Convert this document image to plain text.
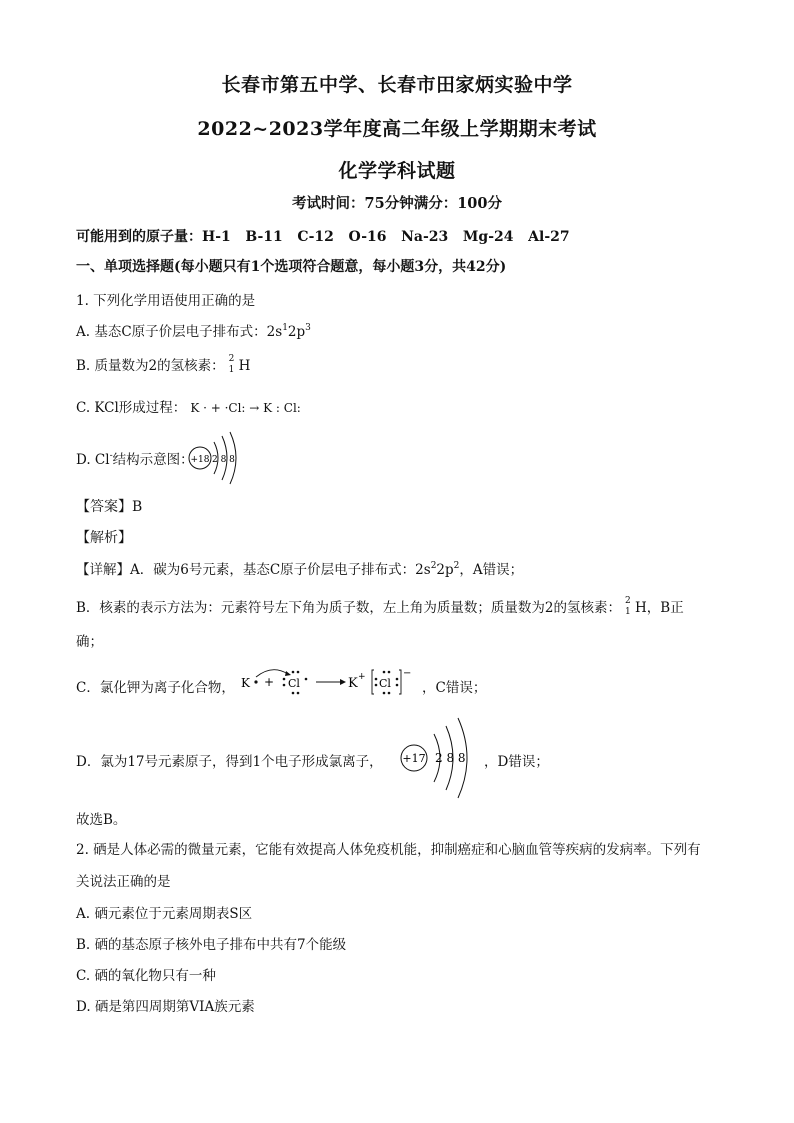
长春市第五中学、长春市田家炳实验中学
2022~2023学年度高二年级上学期期末考试
化学学科试题
考试时间：75分钟满分：100分
可能用到的原子量：H-1 B-11 C-12 O-16 Na-23 Mg-24 Al-27
一、单项选择题(每小题只有1个选项符合题意，每小题3分，共42分)
1. 下列化学用语使用正确的是
A. 基态C原子价层电子排布式：$2s^12p^3$
B. 质量数为2的氢核素： 2
1 H
C. KCl形成过程： K · + ·Cl: → K : Cl:
D. Cl-结构示意图：
+18 2 8 8
【答案】B
【解析】
【详解】A．碳为6号元素，基态C原子价层电子排布式：$2s^22p^2$，A错误；
B．核素的表示方法为：元素符号左下角为质子数，左上角为质量数；质量数为2的氢核素： 2
1 H，B正
确；
C．氯化钾为离子化合物， K + Cl	K + Cl
−
，C错误；
D．氯为17号元素原子，得到1个电子形成氯离子， +17 2 8 8 ，D错误；
故选B。
2. 硒是人体必需的微量元素，它能有效提高人体免疫机能，抑制癌症和心脑血管等疾病的发病率。下列有
关说法正确的是
A. 硒元素位于元素周期表S区
B. 硒的基态原子核外电子排布中共有7个能级
C. 硒的氧化物只有一种
D. 硒是第四周期第VIA族元素
